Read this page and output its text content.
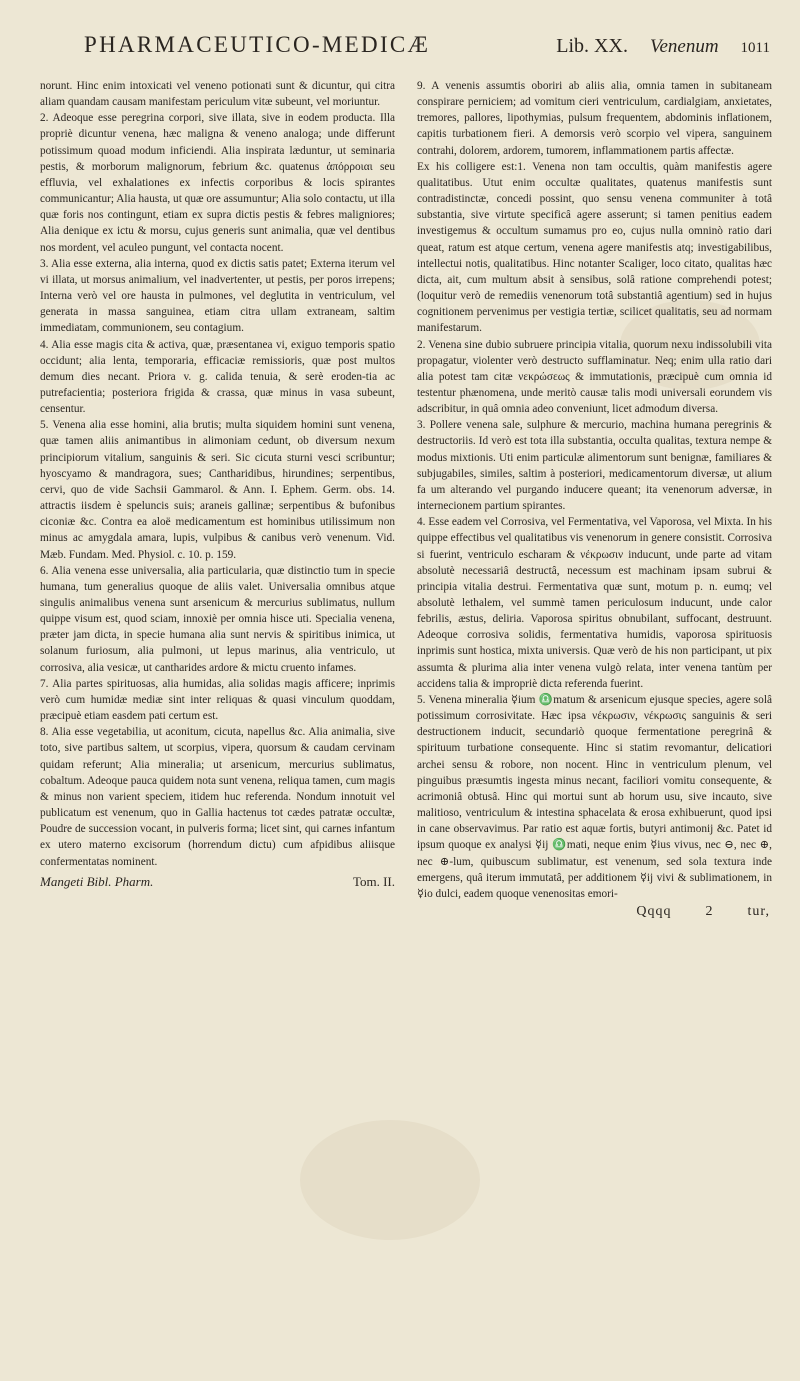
PHARMACEUTICO-MEDICÆ	Lib. XX. Venenum 1011

norunt. Hinc enim intoxicati vel veneno potionati sunt & dicuntur, qui citra aliam quandam causam manifestam periculum vitæ subeunt, vel moriuntur.

2. Adeoque esse peregrina corpori, sive illata, sive in eodem producta. Illa propriè dicuntur venena, hæc maligna & veneno analoga; unde differunt potissimum quoad modum inficiendi. Alia inspirata læduntur, ut seminaria pestis, & morborum malignorum, febrium &c. quatenus ἀπόρροιαι seu effluvia, vel exhalationes ex infectis corporibus & locis spirantes communicantur; Alia hausta, ut quæ ore assumuntur; Alia solo contactu, ut illa quæ foris nos contingunt, etiam ex supra dictis pestis & febres maligniores; Alia denique ex ictu & morsu, cujus generis sunt animalia, quæ vel dentibus nos mordent, vel aculeo pungunt, vel contacta nocent.

3. Alia esse externa, alia interna, quod ex dictis satis patet; Externa iterum vel vi illata, ut morsus animalium, vel inadvertenter, ut pestis, per poros irrepens; Interna verò vel ore hausta in pulmones, vel deglutita in ventriculum, vel generata in massa sanguinea, etiam citra ullam extraneam, saltim immediatam, communionem, seu contagium.

4. Alia esse magis cita & activa, quæ, præsentanea vi, exiguo temporis spatio occidunt; alia lenta, temporaria, efficaciæ remissioris, quæ post multos demum dies necant. Priora v. g. calida tenuia, & serè eroden-tia ac putrefacientia; posteriora frigida & crassa, quæ minus in vasa subeunt, censentur.

5. Venena alia esse homini, alia brutis; multa siquidem homini sunt venena, quæ tamen aliis animantibus in alimoniam cedunt, ob diversum nexum principiorum vitalium, sanguinis & seri. Sic cicuta sturni vesci scribuntur; hyoscyamo & mandragora, sues; Cantharidibus, hirundines; serpentibus, cervi, quo de vide Sachsii Gammarol. & Ann. I. Ephem. Germ. obs. 14. attractis iisdem è speluncis suis; araneis gallinæ; serpentibus & bufonibus ciconiæ &c. Contra ea aloë medicamentum est hominibus utilissimum non minus ac amygdala amara, lupis, vulpibus & canibus verò venenum. Vid. Mæb. Fundam. Med. Physiol. c. 10. p. 159.

6. Alia venena esse universalia, alia particularia, quæ distinctio tum in specie humana, tum generalius quoque de aliis valet. Universalia omnibus atque singulis animalibus venena sunt arsenicum & mercurius sublimatus, nullum quippe visum est, quod sciam, innoxiè per omnia hisce uti. Specialia venena, præter jam dicta, in specie humana alia sunt nervis & spiritibus inimica, ut solanum furiosum, alia pulmoni, ut lepus marinus, alia ventriculo, ut corrosiva, alia vesicæ, ut cantharides ardore & mictu cruento infames.

7. Alia partes spirituosas, alia humidas, alia solidas magis afficere; inprimis verò cum humidæ mediæ sint inter reliquas & quasi vinculum quoddam, præcipuè etiam easdem pati certum est.

8. Alia esse vegetabilia, ut aconitum, cicuta, napellus &c. Alia animalia, sive toto, sive partibus saltem, ut scorpius, vipera, quorsum & caudam cervinam quidam referunt; Alia mineralia; ut arsenicum, mercurius sublimatus, cobaltum. Adeoque pauca quidem nota sunt venena, reliqua tamen, cum magis & minus non varient speciem, itidem huc referenda. Nondum innotuit vel publicatum est venenum, quo in Gallia hactenus tot cædes patratæ occultæ, Poudre de succession vocant, in pulveris forma; licet sint, qui carnes infantum ex utero materno excisorum (horrendum dictu) cum afpidibus aliisque confermentatas nominent.

Mangeti Bibl. Pharm.	Tom. II.

9. A venenis assumtis oboriri ab aliis alia, omnia tamen in subitaneam conspirare perniciem; ad vomitum cieri ventriculum, cardialgiam, anxietates, tremores, pallores, lipothymias, pulsum frequentem, abdominis inflationem, capitis turbationem fieri. A demorsis verò scorpio vel vipera, sanguinem contrahi, dolorem, ardorem, tumorem, inflammationem partis affectæ.

Ex his colligere est:1. Venena non tam occultis, quàm manifestis agere qualitatibus. Utut enim occultæ qualitates, quatenus manifestis sunt contradistinctæ, concedi possint, quo sensu venena communiter à totâ substantia, sive virtute specificâ agere asserunt; si tamen penitius eadem investigemus & occultum sumamus pro eo, cujus nulla omninò ratio dari queat, ratum est atque certum, venena agere manifestis atq; investigabilibus, intellectui notis, qualitatibus. Hinc notanter Scaliger, loco citato, qualitas hæc dicta, ait, cum multum absit à sensibus, solâ ratione comprehendi potest; (loquitur verò de remediis venenorum totâ substantiâ agentium) sed in hujus cognitionem pervenimus per vestigia tertiæ, scilicet qualitatis, seu ad normam manifestarum.

2. Venena sine dubio subruere principia vitalia, quorum nexu indissolubili vita propagatur, violenter verò destructo sufflaminatur. Neq; enim ulla ratio dari alia potest tam citæ νεκρώσεως & immutationis, præcipuè cum omnia id testentur phænomena, unde meritò causæ talis modi universali eorundem vis adscribitur, in quâ omnia adeo conveniunt, licet admodum diversa.

3. Pollere venena sale, sulphure & mercurio, machina humana peregrinis & destructoriis. Id verò est tota illa substantia, occulta qualitas, textura nempe & modus mixtionis. Uti enim particulæ alimentorum sunt benignæ, familiares & subjugabiles, similes, saltim à posteriori, medicamentorum diversæ, ut alium fa um alterando vel purgando inducere queant; ita venenorum adversæ, in internecionem partium spirantes.

4. Esse eadem vel Corrosiva, vel Fermentativa, vel Vaporosa, vel Mixta. In his quippe effectibus vel qualitatibus vis venenorum in genere consistit. Corrosiva si fuerint, ventriculo escharam & νέκρωσιν inducunt, unde parte ad vitam absolutè necessariâ destructâ, necessum est machinam ipsam subrui & principia vitalia destrui. Fermentativa quæ sunt, motum p. n. eumq; vel absolutè lethalem, vel summè tamen periculosum inducunt, unde calor febrilis, æstus, deliria. Vaporosa spiritus obnubilant, suffocant, destruunt. Adeoque corrosiva solidis, fermentativa humidis, vaporosa spirituosis inprimis sunt hostica, mixta universis. Quæ verò de his non participant, ut pix assumta & plurima alia inter venena vulgò relata, inter venena tantùm per accidens talia & impropriè dicta referenda fuerint.

5. Venena mineralia ☿ium ♎matum & arsenicum ejusque species, agere solâ potissimum corrosivitate. Hæc ipsa νέκρωσιν, νέκρωσις sanguinis & seri destructionem inducit, secundariò quoque fermentatione peregrinâ & spirituum turbatione consequente. Hinc si statim revomantur, delicatiori archei sensu & robore, non nocent. Hinc in ventriculum plenum, vel pinguibus præsumtis ingesta minus necant, faciliori vomitu consequente, & acrimoniâ obtusâ. Hinc qui mortui sunt ab horum usu, sive incauto, sive malitioso, ventriculum & intestina sphacelata & erosa exhibuerunt, quod ipsi in cane observavimus. Par ratio est aquæ fortis, butyri antimonij &c. Patet id ipsum quoque ex analysi ☿ij ♎mati, neque enim ☿ius vivus, nec ⊖, nec ⊕, nec ⊕-lum, quibuscum sublimatur, est venenum, sed sola textura inde emergens, quâ iterum immutatâ, per additionem ☿ij vivi & sublimationem, in ☿io dulci, eadem quoque venenositas emori-

Qqqq 2 tur,
